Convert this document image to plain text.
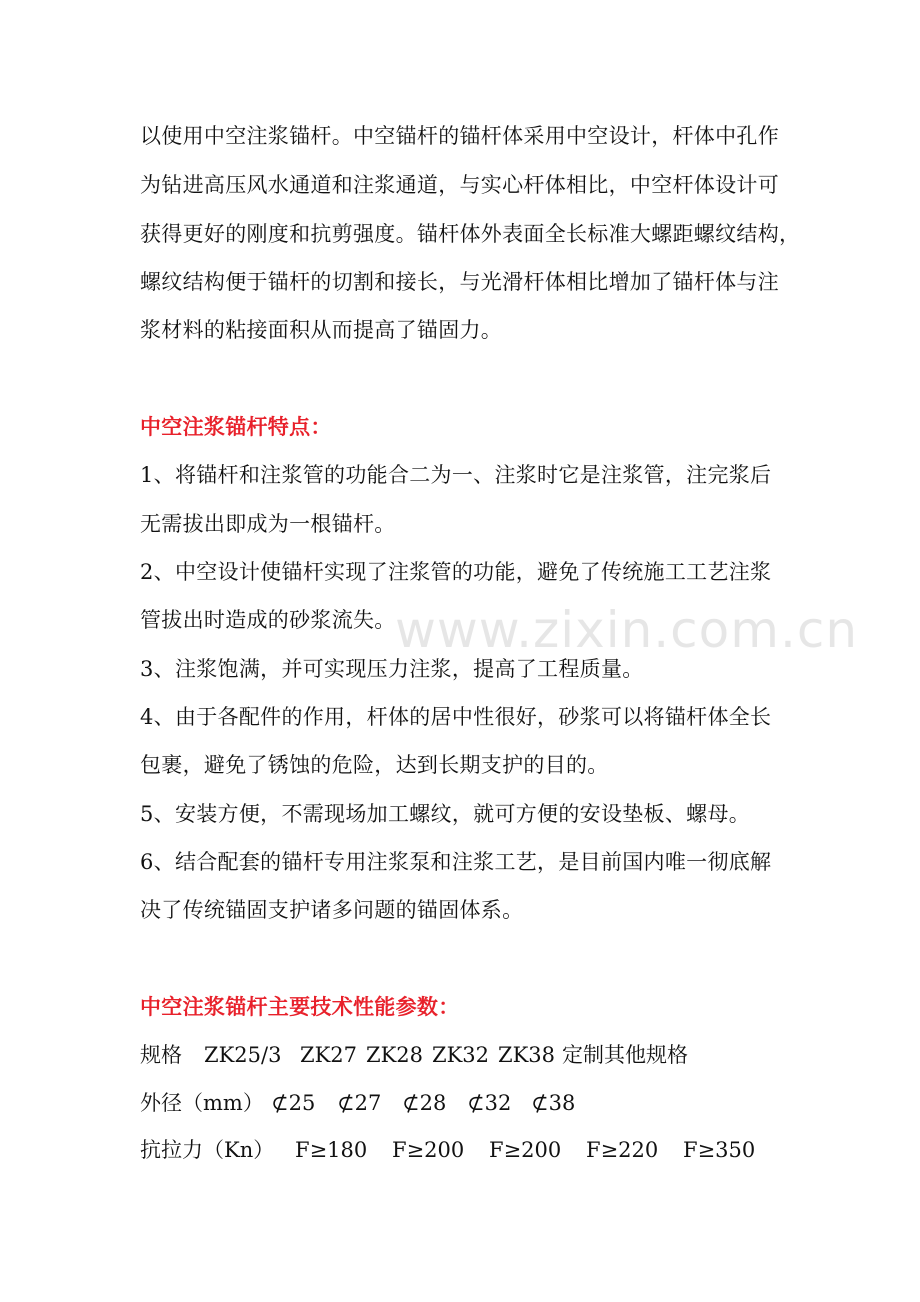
以使用中空注浆锚杆。中空锚杆的锚杆体采用中空设计，杆体中孔作
为钻进高压风水通道和注浆通道，与实心杆体相比，中空杆体设计可
获得更好的刚度和抗剪强度。锚杆体外表面全长标准大螺距螺纹结构，
螺纹结构便于锚杆的切割和接长，与光滑杆体相比增加了锚杆体与注
浆材料的粘接面积从而提高了锚固力。
中空注浆锚杆特点：
1、将锚杆和注浆管的功能合二为一、注浆时它是注浆管，注完浆后
无需拔出即成为一根锚杆。
2、中空设计使锚杆实现了注浆管的功能，避免了传统施工工艺注浆
管拔出时造成的砂浆流失。
3、注浆饱满，并可实现压力注浆，提高了工程质量。
4、由于各配件的作用，杆体的居中性很好，砂浆可以将锚杆体全长
包裹，避免了锈蚀的危险，达到长期支护的目的。
5、安装方便，不需现场加工螺纹，就可方便的安设垫板、螺母。
6、结合配套的锚杆专用注浆泵和注浆工艺，是目前国内唯一彻底解
决了传统锚固支护诸多问题的锚固体系。
中空注浆锚杆主要技术性能参数：
规格 ZK25/3 ZK27 ZK28 ZK32 ZK38 定制其他规格
外径（mm） ⊄25 ⊄27 ⊄28 ⊄32 ⊄38
抗拉力（Kn） F≥180 F≥200 F≥200 F≥220 F≥350
www.zixin.com.cn
